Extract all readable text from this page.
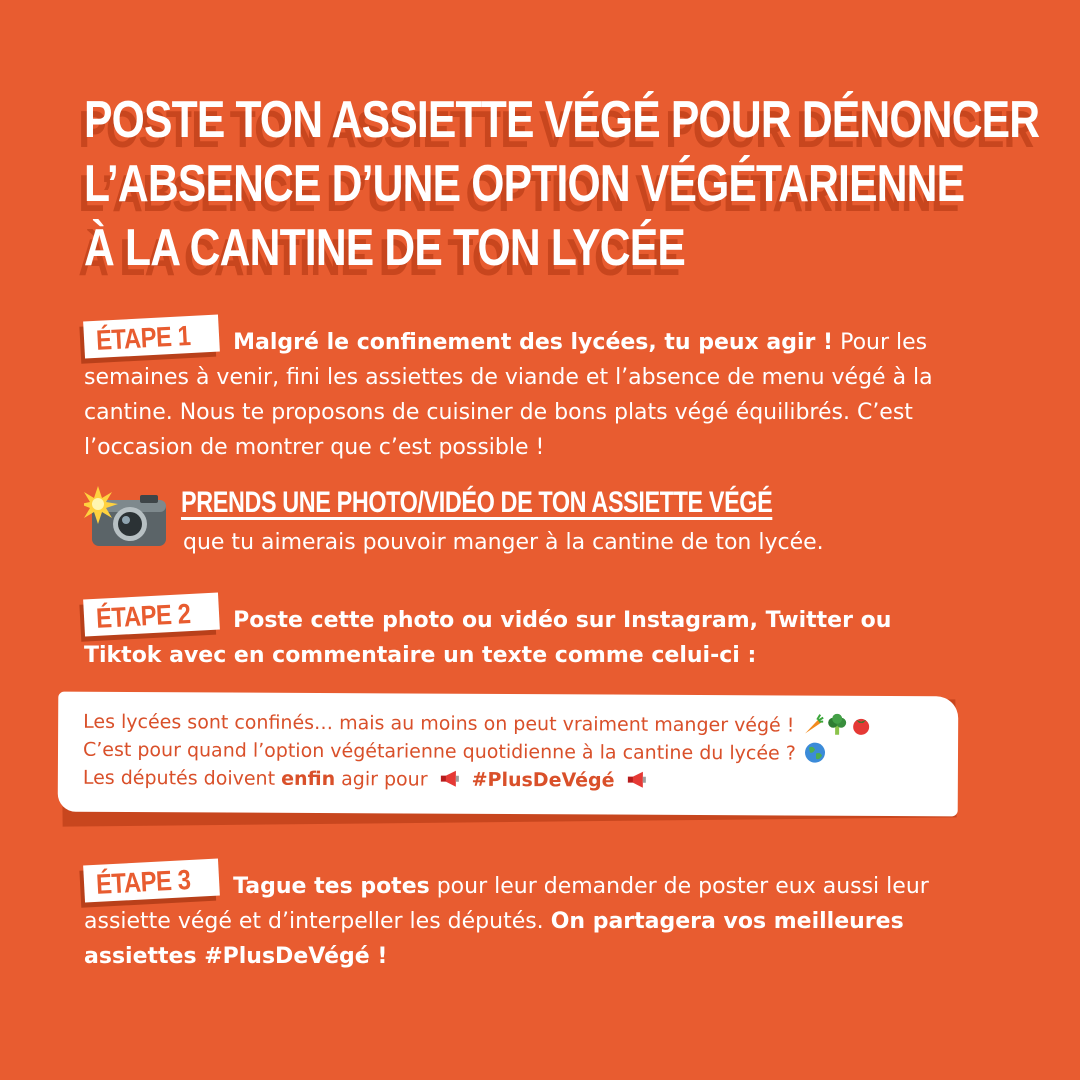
POSTE TON ASSIETTE VÉGÉ POUR DÉNONCER
L’ABSENCE D’UNE OPTION VÉGÉTARIENNE
À LA CANTINE DE TON LYCÉE
ÉTAPE 1 Malgré le confinement des lycées, tu peux agir ! Pour les semaines à venir, fini les assiettes de viande et l’absence de menu végé à la cantine. Nous te proposons de cuisiner de bons plats végé équilibrés. C’est l’occasion de montrer que c’est possible !
PRENDS UNE PHOTO/VIDÉO DE TON ASSIETTE VÉGÉ
que tu aimerais pouvoir manger à la cantine de ton lycée.
ÉTAPE 2 Poste cette photo ou vidéo sur Instagram, Twitter ou Tiktok avec en commentaire un texte comme celui-ci :
Les lycées sont confinés… mais au moins on peut vraiment manger végé !
C’est pour quand l’option végétarienne quotidienne à la cantine du lycée ?
Les députés doivent enfin agir pour  #PlusDeVégé
ÉTAPE 3 Tague tes potes pour leur demander de poster eux aussi leur assiette végé et d’interpeller les députés. On partagera vos meilleures assiettes #PlusDeVégé !
